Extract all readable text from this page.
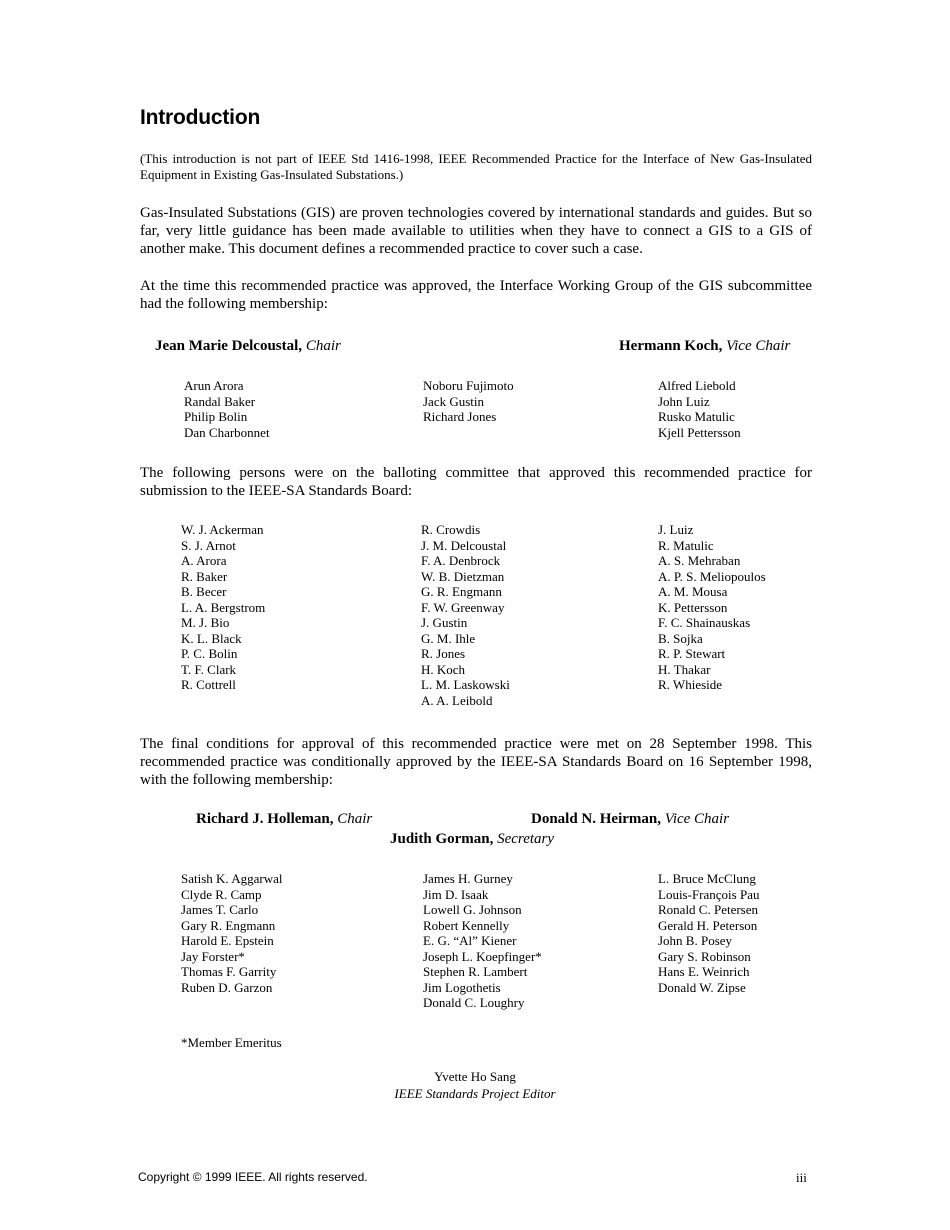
Introduction

(This introduction is not part of IEEE Std 1416-1998, IEEE Recommended Practice for the Interface of New Gas-Insulated Equipment in Existing Gas-Insulated Substations.)

Gas-Insulated Substations (GIS) are proven technologies covered by international standards and guides. But so far, very little guidance has been made available to utilities when they have to connect a GIS to a GIS of another make. This document defines a recommended practice to cover such a case.

At the time this recommended practice was approved, the Interface Working Group of the GIS subcommittee had the following membership:

Jean Marie Delcoustal, Chair	Hermann Koch, Vice Chair
Arun Arora
Randal Baker
Philip Bolin
Dan Charbonnet
Noboru Fujimoto
Jack Gustin
Richard Jones
Alfred Liebold
John Luiz
Rusko Matulic
Kjell Pettersson

The following persons were on the balloting committee that approved this recommended practice for submission to the IEEE-SA Standards Board:

W. J. Ackerman
S. J. Arnot
A. Arora
R. Baker
B. Becer
L. A. Bergstrom
M. J. Bio
K. L. Black
P. C. Bolin
T. F. Clark
R. Cottrell
R. Crowdis
J. M. Delcoustal
F. A. Denbrock
W. B. Dietzman
G. R. Engmann
F. W. Greenway
J. Gustin
G. M. Ihle
R. Jones
H. Koch
L. M. Laskowski
A. A. Leibold
J. Luiz
R. Matulic
A. S. Mehraban
A. P. S. Meliopoulos
A. M. Mousa
K. Pettersson
F. C. Shainauskas
B. Sojka
R. P. Stewart
H. Thakar
R. Whieside

The final conditions for approval of this recommended practice were met on 28 September 1998. This recommended practice was conditionally approved by the IEEE-SA Standards Board on 16 September 1998, with the following membership:

Richard J. Holleman, Chair	Donald N. Heirman, Vice Chair
Judith Gorman, Secretary
Satish K. Aggarwal
Clyde R. Camp
James T. Carlo
Gary R. Engmann
Harold E. Epstein
Jay Forster*
Thomas F. Garrity
Ruben D. Garzon
James H. Gurney
Jim D. Isaak
Lowell G. Johnson
Robert Kennelly
E. G. “Al” Kiener
Joseph L. Koepfinger*
Stephen R. Lambert
Jim Logothetis
Donald C. Loughry
L. Bruce McClung
Louis-François Pau
Ronald C. Petersen
Gerald H. Peterson
John B. Posey
Gary S. Robinson
Hans E. Weinrich
Donald W. Zipse
*Member Emeritus
Yvette Ho Sang
IEEE Standards Project Editor
Copyright © 1999 IEEE. All rights reserved.	iii
